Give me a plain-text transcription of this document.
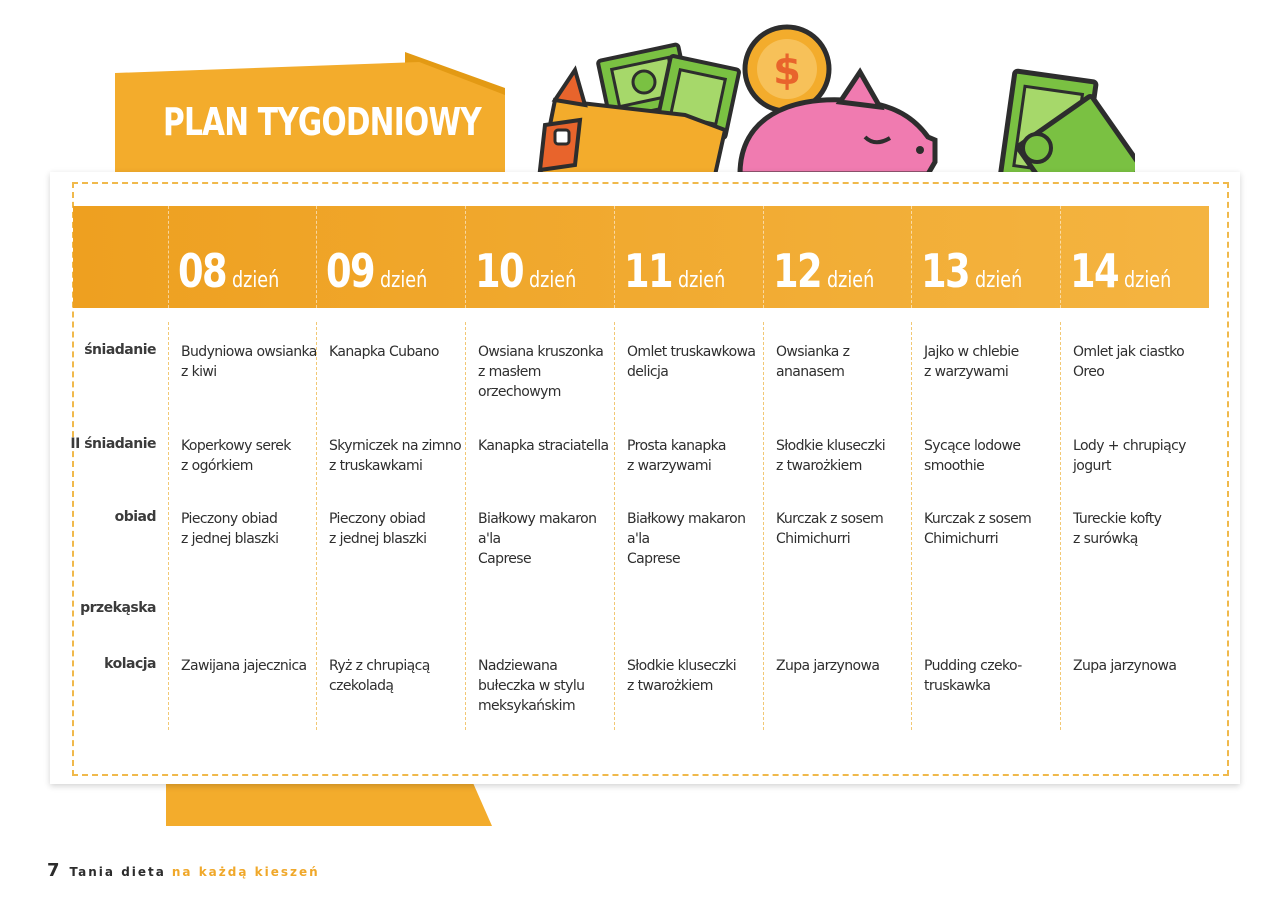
$
PLAN TYGODNIOWY
08 dzień 09 dzień 10 dzień 11 dzień 12 dzień 13 dzień 14 dzień
Budyniowa owsianka
z kiwi
Koperkowy serek
z ogórkiem
Pieczony obiad
z jednej blaszki
Zawijana jajecznica
Kanapka Cubano
Skyrniczek na zimno
z truskawkami
Pieczony obiad
z jednej blaszki
Ryż z chrupiącą
czekoladą
Owsiana kruszonka
z masłem
orzechowym
Kanapka straciatella
Białkowy makaron a'la
Caprese
Nadziewana
bułeczka w stylu
meksykańskim
Omlet truskawkowa
delicja
Prosta kanapka
z warzywami
Białkowy makaron a'la
Caprese
Słodkie kluseczki
z twarożkiem
Owsianka z ananasem
Słodkie kluseczki
z twarożkiem
Kurczak z sosem
Chimichurri
Zupa jarzynowa
Jajko w chlebie
z warzywami
Sycące lodowe
smoothie
Kurczak z sosem
Chimichurri
Pudding czeko-
truskawka
Omlet jak ciastko
Oreo
Lody + chrupiący
jogurt
Tureckie kofty
z surówką
Zupa jarzynowa
śniadanie
II śniadanie
obiad
przekąska
kolacja
7 Tania dieta na każdą kieszeń
